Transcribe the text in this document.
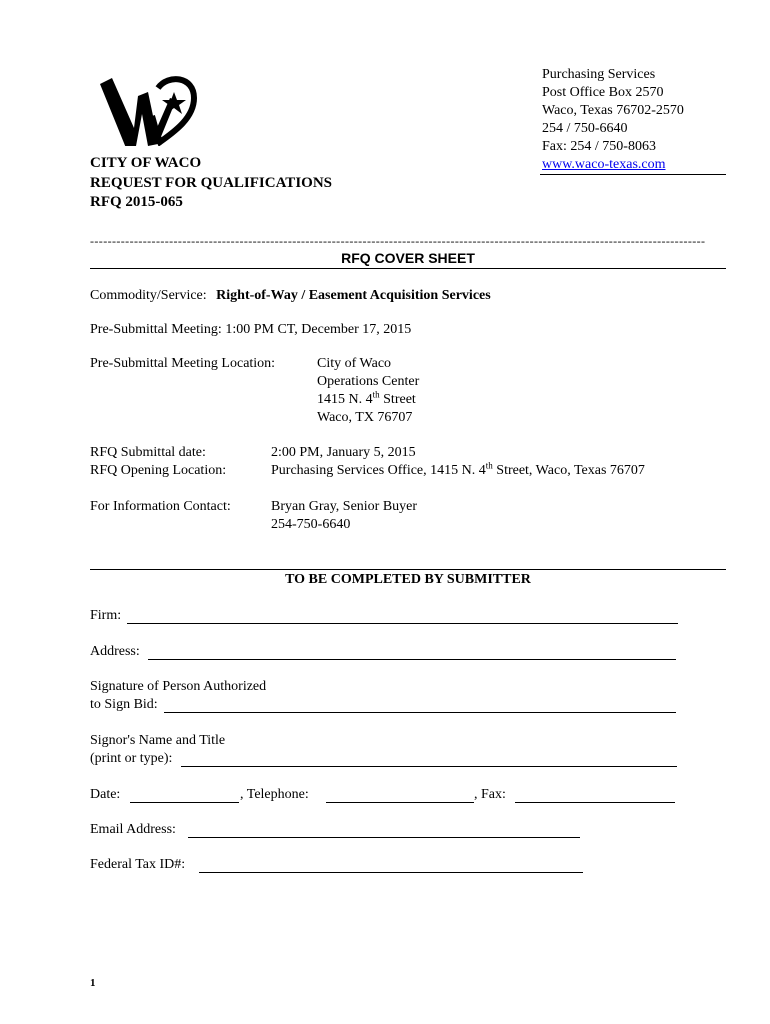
CITY OF WACO
REQUEST FOR QUALIFICATIONS
RFQ 2015-065
Purchasing Services
Post Office Box 2570
Waco, Texas 76702-2570
254 / 750-6640
Fax: 254 / 750-8063
www.waco-texas.com
--------------------------------------------------------------------------------------------------------------------------------------------
RFQ COVER SHEET
Commodity/Service: Right-of-Way / Easement Acquisition Services
Pre-Submittal Meeting: 1:00 PM CT, December 17, 2015
Pre-Submittal Meeting Location:	City of Waco
Operations Center
1415 N. 4th Street
Waco, TX 76707
RFQ Submittal date:	2:00 PM, January 5, 2015
RFQ Opening Location:	Purchasing Services Office, 1415 N. 4th Street, Waco, Texas 76707
For Information Contact:	Bryan Gray, Senior Buyer
254-750-6640
TO BE COMPLETED BY SUBMITTER
Firm:
Address:
Signature of Person Authorized
to Sign Bid:
Signor's Name and Title
(print or type):
Date:	, Telephone:	, Fax:
Email Address:
Federal Tax ID#:
1
